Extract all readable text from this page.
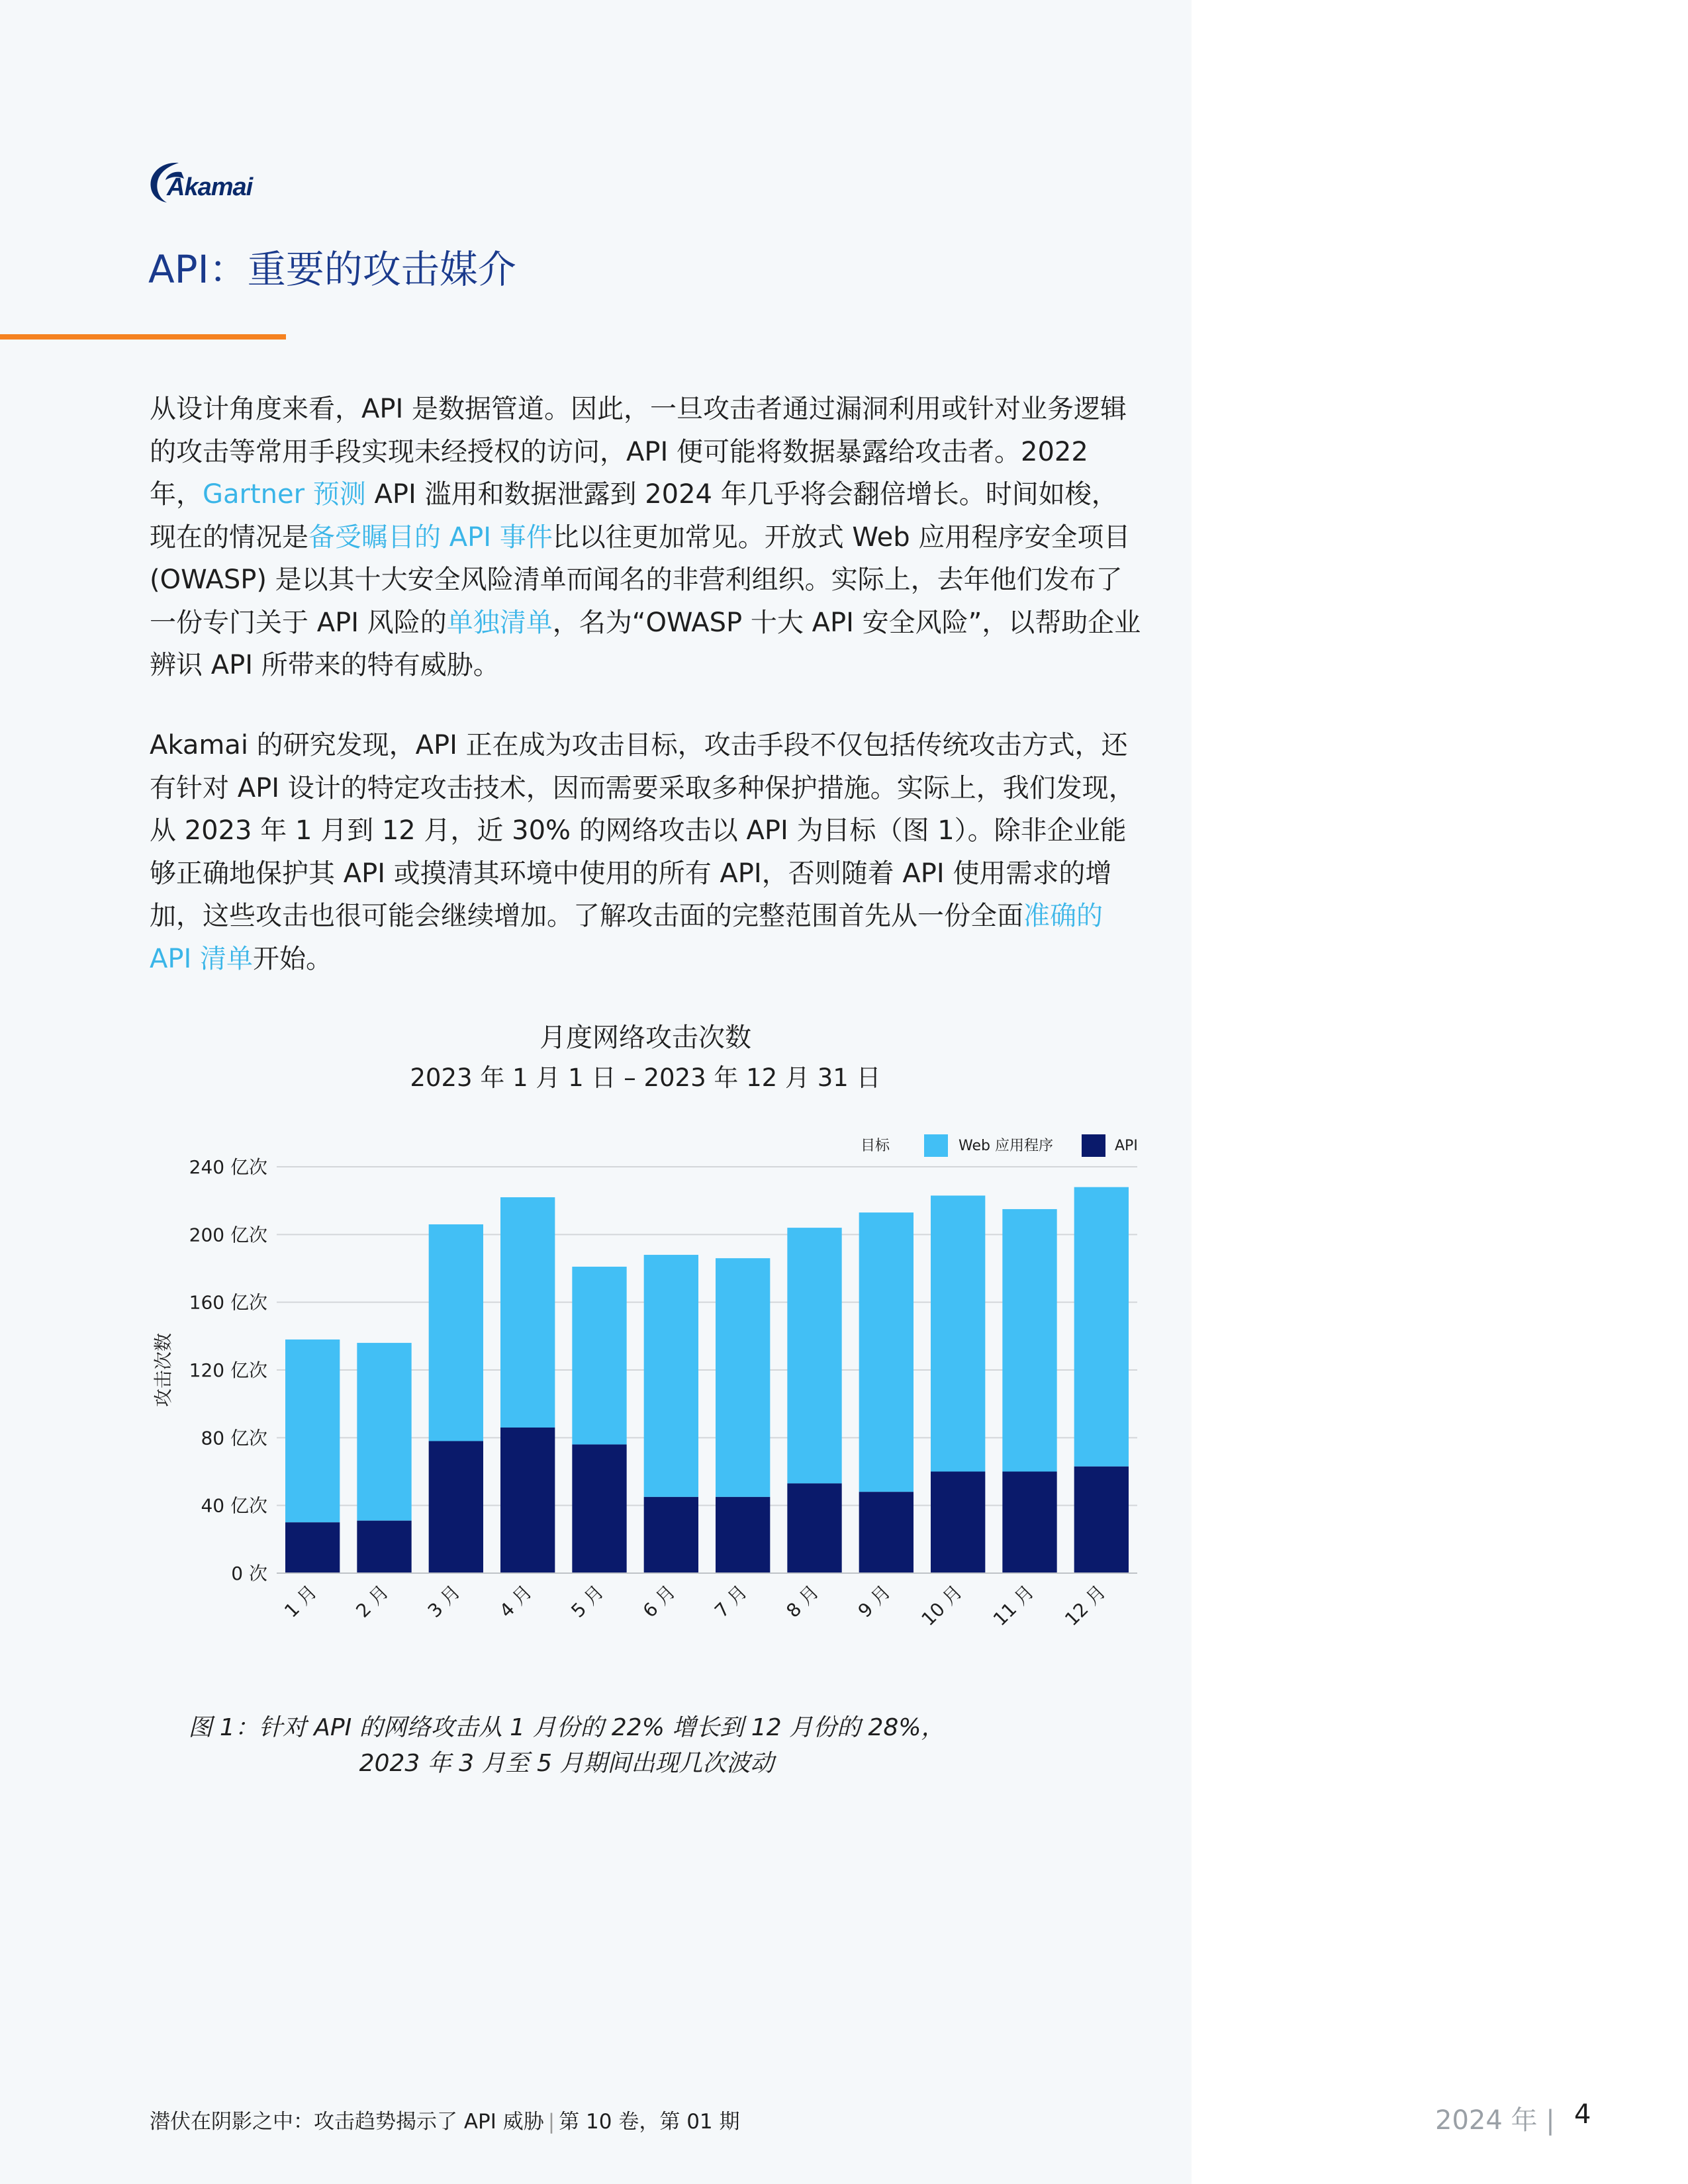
Akamai
API：重要的攻击媒介

从设计角度来看，API 是数据管道。因此，一旦攻击者通过漏洞利用或针对业务逻辑的攻击等常用手段实现未经授权的访问，API 便可能将数据暴露给攻击者。2022 年，Gartner 预测 API 滥用和数据泄露到 2024 年几乎将会翻倍增长。时间如梭，现在的情况是备受瞩目的 API 事件比以往更加常见。开放式 Web 应用程序安全项目 (OWASP) 是以其十大安全风险清单而闻名的非营利组织。实际上，去年他们发布了一份专门关于 API 风险的单独清单，名为“OWASP 十大 API 安全风险”，以帮助企业辨识 API 所带来的特有威胁。

Akamai 的研究发现，API 正在成为攻击目标，攻击手段不仅包括传统攻击方式，还有针对 API 设计的特定攻击技术，因而需要采取多种保护措施。实际上，我们发现，从 2023 年 1 月到 12 月，近 30% 的网络攻击以 API 为目标（图 1）。除非企业能够正确地保护其 API 或摸清其环境中使用的所有 API，否则随着 API 使用需求的增加，这些攻击也很可能会继续增加。了解攻击面的完整范围首先从一份全面准确的 API 清单开始。

月度网络攻击次数
2023 年 1 月 1 日 – 2023 年 12 月 31 日
0 次
40 亿次
80 亿次
120 亿次
160 亿次
200 亿次
240 亿次
攻击次数
1 月 2 月 3 月 4 月 5 月 6 月 7 月 8 月 9 月 10 月 11 月 12 月
目标	Web 应用程序	API
图 1：针对 API 的网络攻击从 1 月份的 22% 增长到 12 月份的 28%，
2023 年 3 月至 5 月期间出现几次波动
潜伏在阴影之中：攻击趋势揭示了 API 威胁 | 第 10 卷，第 01 期	2024 年 | 4
